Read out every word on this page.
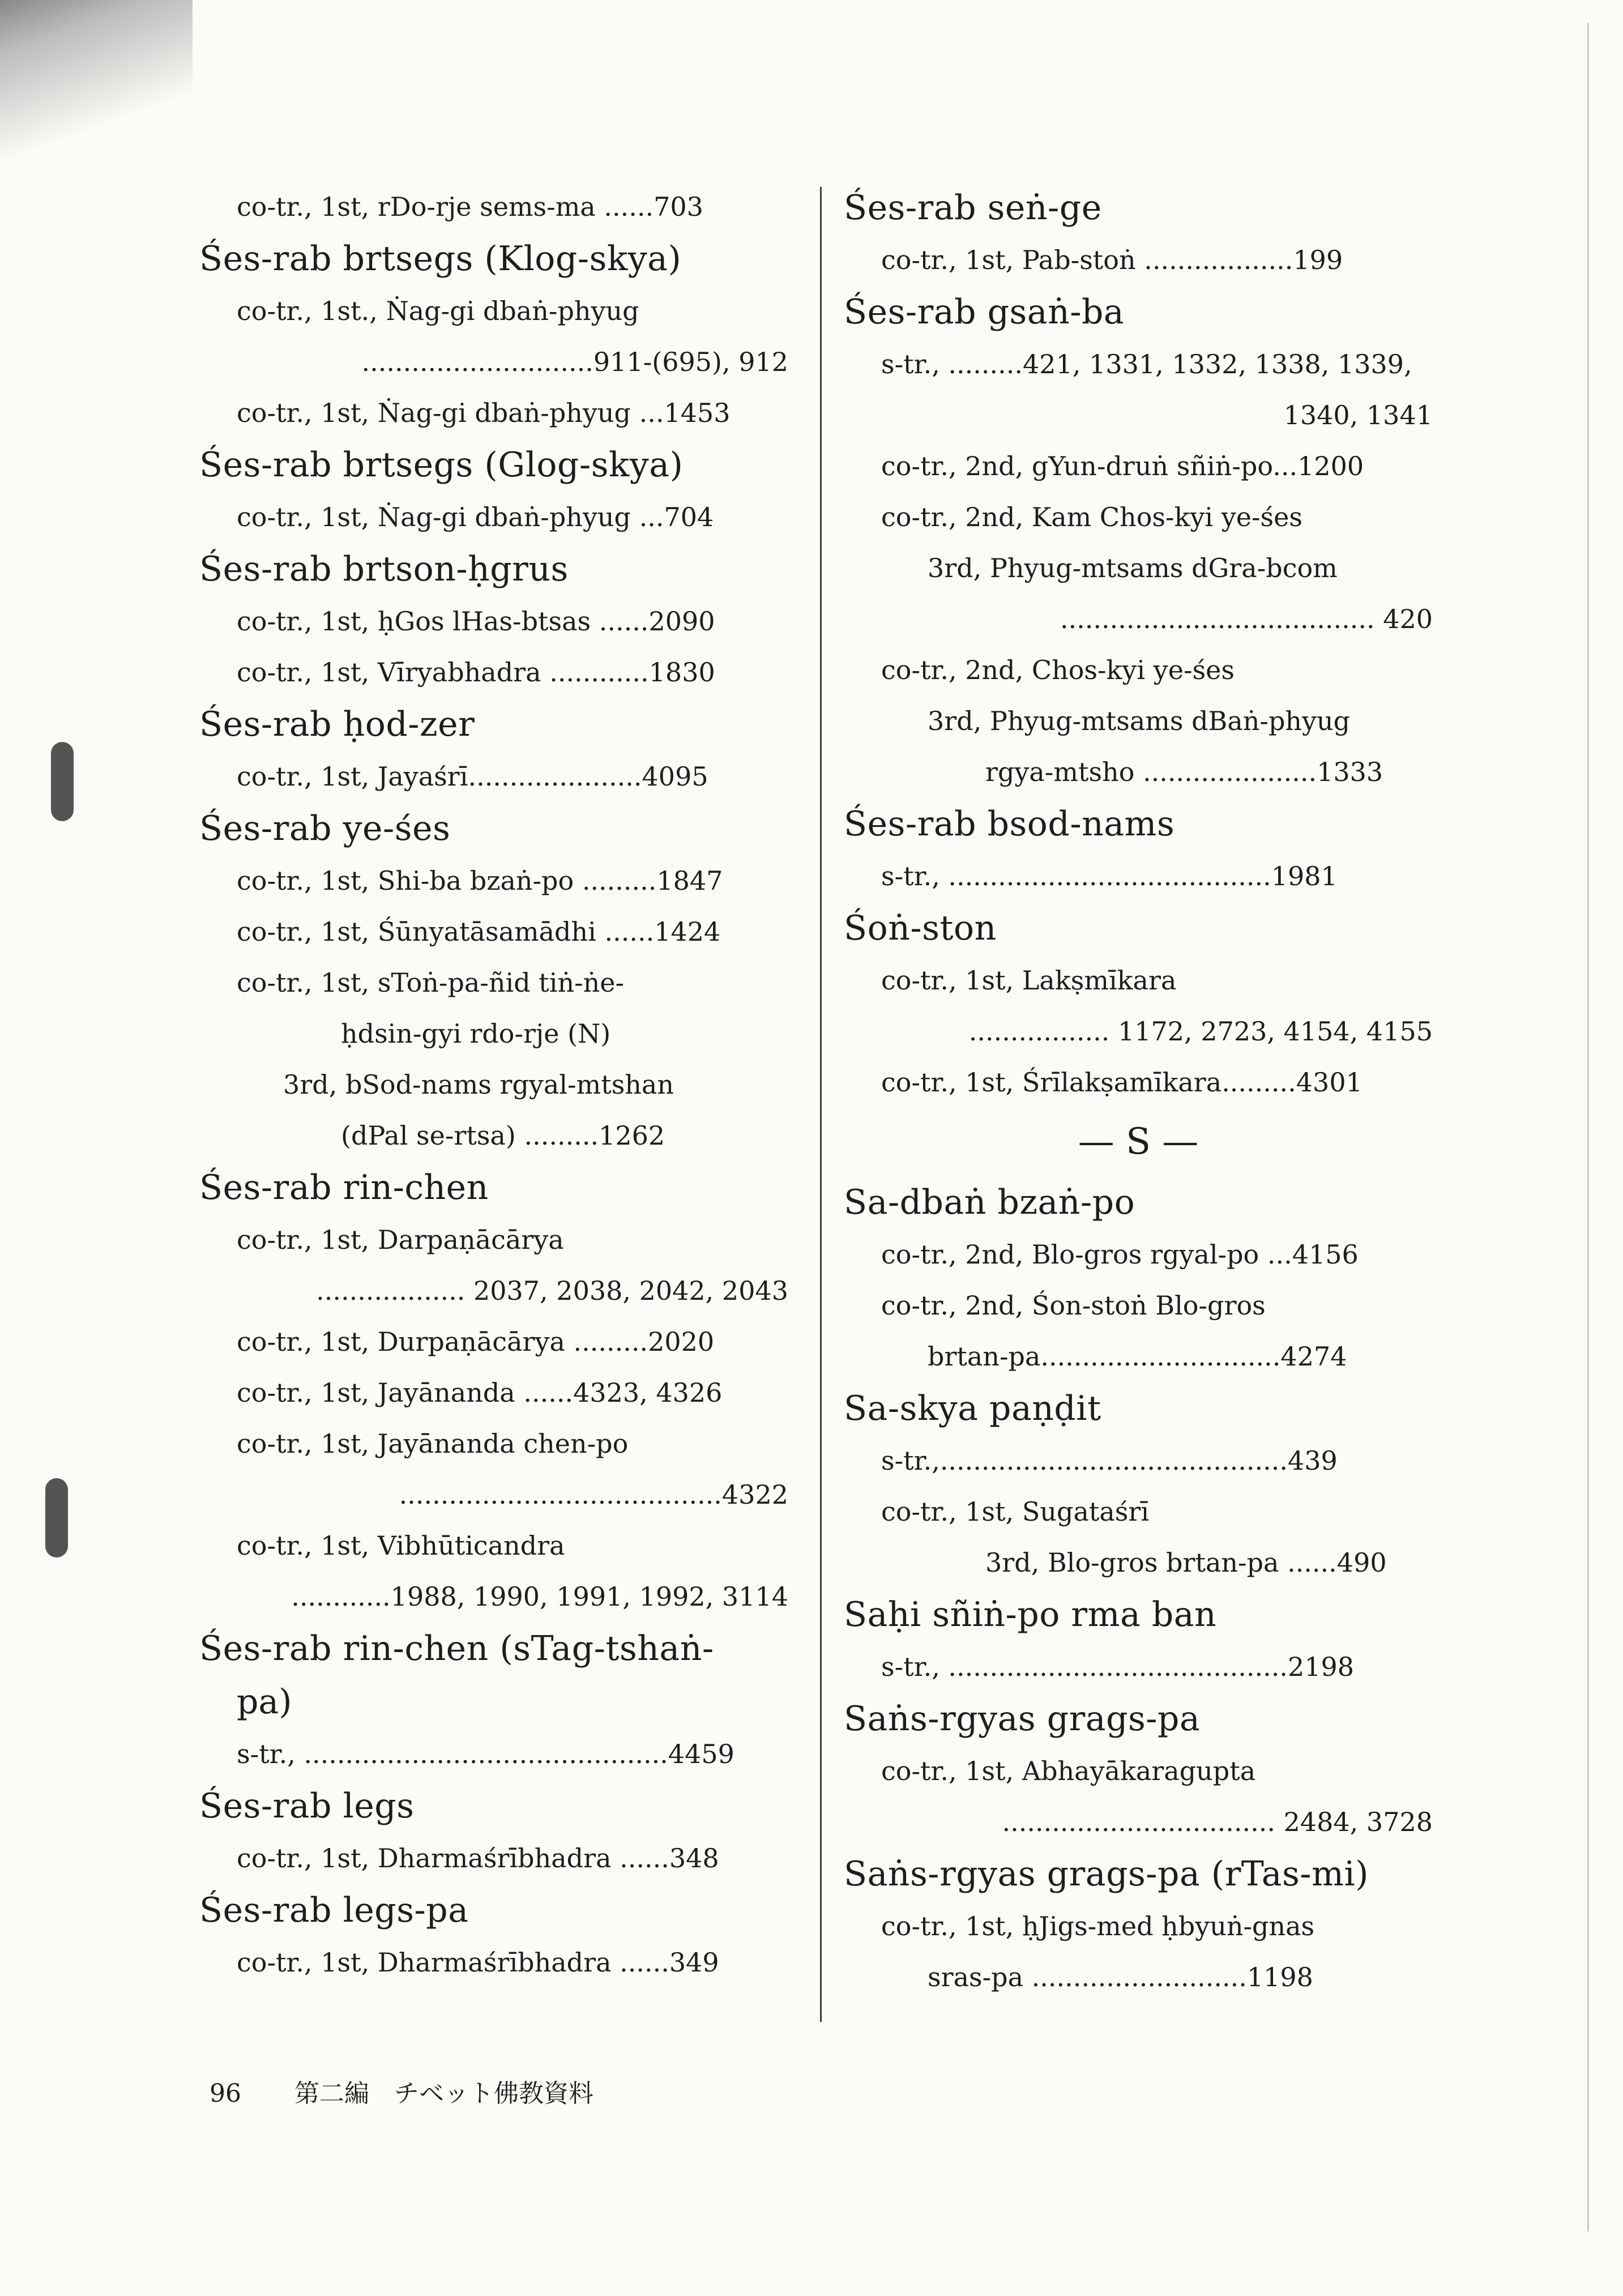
co-tr., 1st, rDo-rje sems-ma ......703
Śes-rab brtsegs (Klog-skya)
co-tr., 1st., Ṅag-gi dbaṅ-phyug
............................911-(695), 912
co-tr., 1st, Ṅag-gi dbaṅ-phyug ...1453
Śes-rab brtsegs (Glog-skya)
co-tr., 1st, Ṅag-gi dbaṅ-phyug ...704
Śes-rab brtson-ḥgrus
co-tr., 1st, ḥGos lHas-btsas ......2090
co-tr., 1st, Vīryabhadra ............1830
Śes-rab ḥod-zer
co-tr., 1st, Jayaśrī.....................4095
Śes-rab ye-śes
co-tr., 1st, Shi-ba bzaṅ-po .........1847
co-tr., 1st, Śūnyatāsamādhi ......1424
co-tr., 1st, sToṅ-pa-ñid tiṅ-ṅe-
ḥdsin-gyi rdo-rje (N)
3rd, bSod-nams rgyal-mtshan
(dPal se-rtsa) .........1262
Śes-rab rin-chen
co-tr., 1st, Darpaṇācārya
.................. 2037, 2038, 2042, 2043
co-tr., 1st, Durpaṇācārya .........2020
co-tr., 1st, Jayānanda ......4323, 4326
co-tr., 1st, Jayānanda chen-po
.......................................4322
co-tr., 1st, Vibhūticandra
............1988, 1990, 1991, 1992, 3114
Śes-rab rin-chen (sTag-tshaṅ-
pa)
s-tr., ............................................4459
Śes-rab legs
co-tr., 1st, Dharmaśrībhadra ......348
Śes-rab legs-pa
co-tr., 1st, Dharmaśrībhadra ......349
Śes-rab seṅ-ge
co-tr., 1st, Pab-stoṅ ..................199
Śes-rab gsaṅ-ba
s-tr., .........421, 1331, 1332, 1338, 1339,
1340, 1341
co-tr., 2nd, gYun-druṅ sñiṅ-po...1200
co-tr., 2nd, Kam Chos-kyi ye-śes
3rd, Phyug-mtsams dGra-bcom
...................................... 420
co-tr., 2nd, Chos-kyi ye-śes
3rd, Phyug-mtsams dBaṅ-phyug
rgya-mtsho .....................1333
Śes-rab bsod-nams
s-tr., .......................................1981
Śoṅ-ston
co-tr., 1st, Lakṣmīkara
................. 1172, 2723, 4154, 4155
co-tr., 1st, Śrīlakṣamīkara.........4301
— S —
Sa-dbaṅ bzaṅ-po
co-tr., 2nd, Blo-gros rgyal-po ...4156
co-tr., 2nd, Śon-stoṅ Blo-gros
brtan-pa.............................4274
Sa-skya paṇḍit
s-tr.,..........................................439
co-tr., 1st, Sugataśrī
3rd, Blo-gros brtan-pa ......490
Saḥi sñiṅ-po rma ban
s-tr., .........................................2198
Saṅs-rgyas grags-pa
co-tr., 1st, Abhayākaragupta
................................. 2484, 3728
Saṅs-rgyas grags-pa (rTas-mi)
co-tr., 1st, ḥJigs-med ḥbyuṅ-gnas
sras-pa ..........................1198
96 第二編　チベット佛教資料
